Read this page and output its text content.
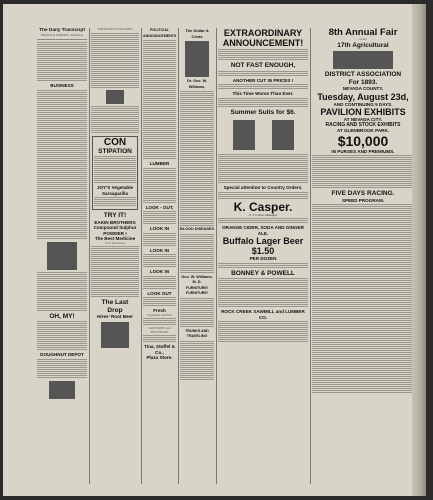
The Daily Transcript
BROWN & ROBERTS, Publishers
BUSINESS
OH, MY!
DOUGHNUT DEPOT
THE PEOPLE'S FAVORITE
CON
STIPATION
JOY'S Vegetable Sarsaparilla
TRY IT!
EAKIN BROTHERS
Compound Sulphur
POWDER !
The Best Medicine
Ever Introduced
The Last
Drop
Hires' Root Beer
POLITICAL ANNOUNCEMENTS
LUMBER
LOOK - OUT,
LOOK IN
LOOK IN
LOOK IN
LOOK OUT
Fresh
Vegetables and Fruit
GROCERIES and PROVISIONS
Tina, Stoffel & Co.,
Plaza Store.
The Dollar & Cents
Dr. Geo. W. Williams,
BLOOD DISEASES
Geo. W. Williams, M. D.
FURNITURE! FURNITURE!
TRUNKS AND TRAVELING
EXTRAORDINARY
ANNOUNCEMENT!
NOT FAST ENOUGH,
ANOTHER CUT IN PRICES !
This Time Worse Than Ever.
Summer Suits for $6.
Special attention to Country Orders.
K. Casper.
N. J. Carter, Manager.
ORANGE CIDER, SODA AND GINGER ALE.
Buffalo Lager Beer $1.50
PER DOZEN
BONNEY & POWELL
ROCK CREEK SAWMILL and LUMBER CO.
8th Annual Fair
of the
17th Agricultural
DISTRICT ASSOCIATION
For 1893.
NEVADA COUNTY,
Tuesday, August 23d,
AND CONTINUING 5 DAYS.
PAVILION EXHIBITS
AT NEVADA CITY.
RACING AND STOCK EXHIBITS
AT GLENBROOK PARK.
$10,000
IN PURSES AND PREMIUMS.
FIVE DAYS RACING.
SPEED PROGRAM.
